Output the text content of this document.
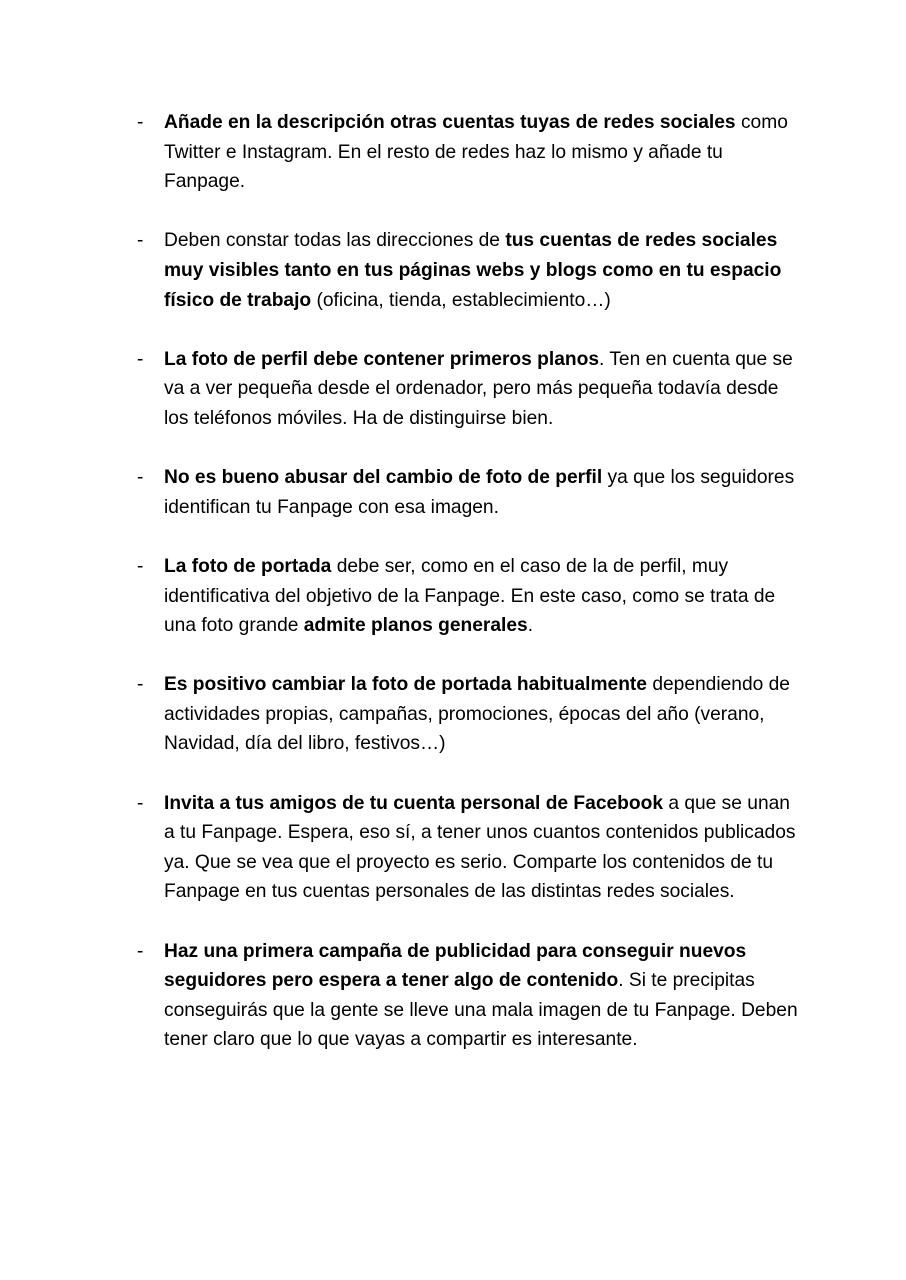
- Añade en la descripción otras cuentas tuyas de redes sociales como Twitter e Instagram. En el resto de redes haz lo mismo y añade tu Fanpage.
- Deben constar todas las direcciones de tus cuentas de redes sociales muy visibles tanto en tus páginas webs y blogs como en tu espacio físico de trabajo (oficina, tienda, establecimiento…)
- La foto de perfil debe contener primeros planos. Ten en cuenta que se va a ver pequeña desde el ordenador, pero más pequeña todavía desde los teléfonos móviles. Ha de distinguirse bien.
- No es bueno abusar del cambio de foto de perfil ya que los seguidores identifican tu Fanpage con esa imagen.
- La foto de portada debe ser, como en el caso de la de perfil, muy identificativa del objetivo de la Fanpage. En este caso, como se trata de una foto grande admite planos generales.
- Es positivo cambiar la foto de portada habitualmente dependiendo de actividades propias, campañas, promociones, épocas del año (verano, Navidad, día del libro, festivos…)
- Invita a tus amigos de tu cuenta personal de Facebook a que se unan a tu Fanpage. Espera, eso sí, a tener unos cuantos contenidos publicados ya. Que se vea que el proyecto es serio. Comparte los contenidos de tu Fanpage en tus cuentas personales de las distintas redes sociales.
- Haz una primera campaña de publicidad para conseguir nuevos seguidores pero espera a tener algo de contenido. Si te precipitas conseguirás que la gente se lleve una mala imagen de tu Fanpage. Deben tener claro que lo que vayas a compartir es interesante.
